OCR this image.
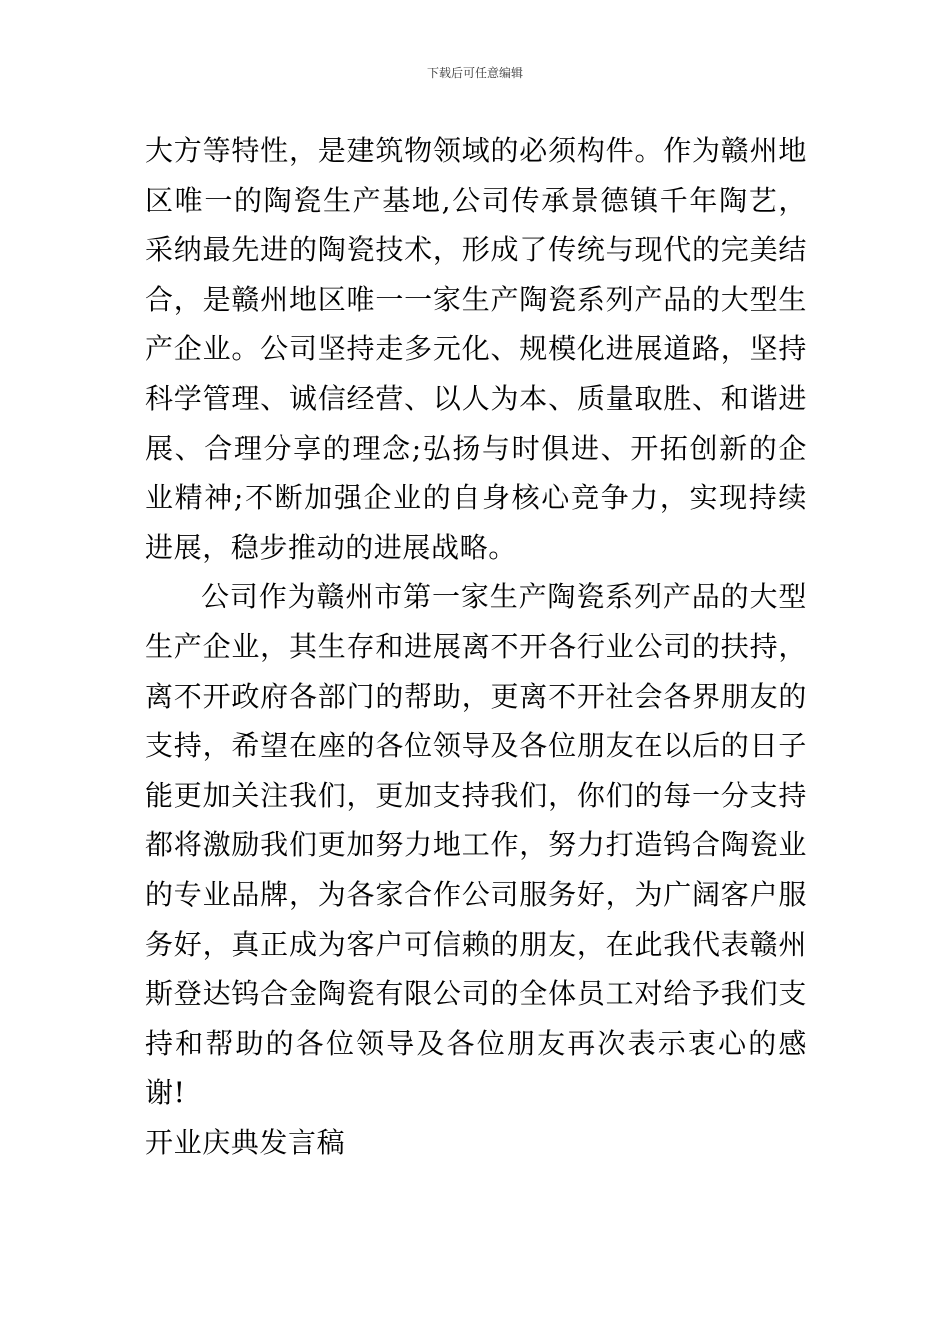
下载后可任意编辑

大方等特性，是建筑物领域的必须构件。作为赣州地区唯一的陶瓷生产基地,公司传承景德镇千年陶艺，采纳最先进的陶瓷技术，形成了传统与现代的完美结合，是赣州地区唯一一家生产陶瓷系列产品的大型生产企业。公司坚持走多元化、规模化进展道路，坚持科学管理、诚信经营、以人为本、质量取胜、和谐进展、合理分享的理念;弘扬与时俱进、开拓创新的企业精神;不断加强企业的自身核心竞争力，实现持续进展，稳步推动的进展战略。

公司作为赣州市第一家生产陶瓷系列产品的大型生产企业，其生存和进展离不开各行业公司的扶持，离不开政府各部门的帮助，更离不开社会各界朋友的支持，希望在座的各位领导及各位朋友在以后的日子能更加关注我们，更加支持我们，你们的每一分支持都将激励我们更加努力地工作，努力打造钨合陶瓷业的专业品牌，为各家合作公司服务好，为广阔客户服务好，真正成为客户可信赖的朋友，在此我代表赣州斯登达钨合金陶瓷有限公司的全体员工对给予我们支持和帮助的各位领导及各位朋友再次表示衷心的感谢!

开业庆典发言稿
